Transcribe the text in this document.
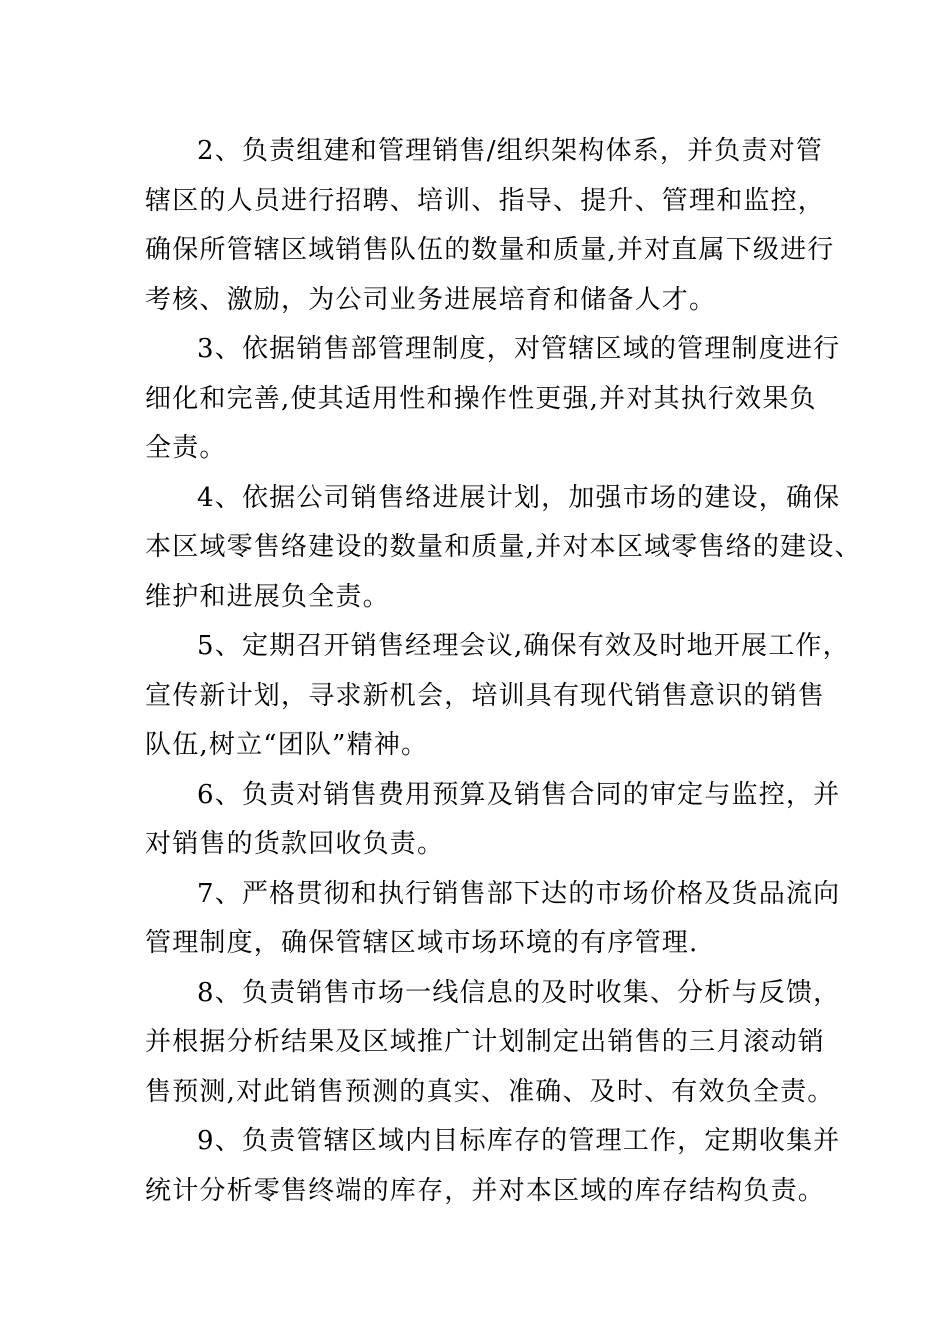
2、负责组建和管理销售/组织架构体系，并负责对管
辖区的人员进行招聘、培训、指导、提升、管理和监控，
确保所管辖区域销售队伍的数量和质量,并对直属下级进行
考核、激励，为公司业务进展培育和储备人才。
3、依据销售部管理制度，对管辖区域的管理制度进行
细化和完善,使其适用性和操作性更强,并对其执行效果负
全责。
4、依据公司销售络进展计划，加强市场的建设，确保
本区域零售络建设的数量和质量,并对本区域零售络的建设、
维护和进展负全责。
5、定期召开销售经理会议,确保有效及时地开展工作，
宣传新计划，寻求新机会，培训具有现代销售意识的销售
队伍,树立“团队”精神。
6、负责对销售费用预算及销售合同的审定与监控，并
对销售的货款回收负责。
7、严格贯彻和执行销售部下达的市场价格及货品流向
管理制度，确保管辖区域市场环境的有序管理.
8、负责销售市场一线信息的及时收集、分析与反馈，
并根据分析结果及区域推广计划制定出销售的三月滚动销
售预测,对此销售预测的真实、准确、及时、有效负全责。
9、负责管辖区域内目标库存的管理工作，定期收集并
统计分析零售终端的库存，并对本区域的库存结构负责。
